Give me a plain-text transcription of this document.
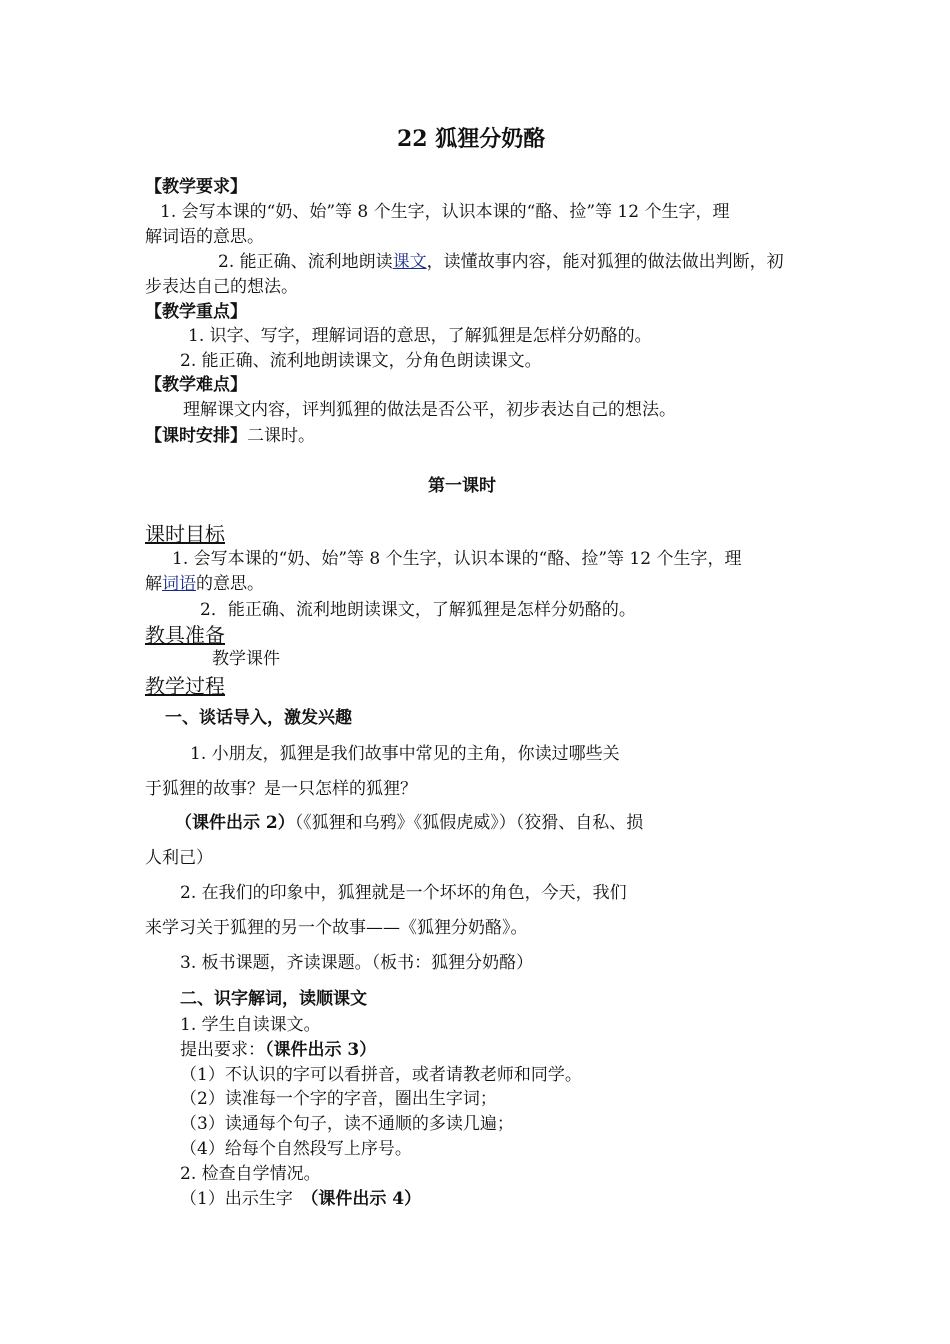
22 狐狸分奶酪
【教学要求】
1. 会写本课的“奶、始”等 8 个生字，认识本课的“酪、捡”等 12 个生字，理
解词语的意思。
2. 能正确、流利地朗读课文，读懂故事内容，能对狐狸的做法做出判断，初
步表达自己的想法。
【教学重点】
1. 识字、写字，理解词语的意思，了解狐狸是怎样分奶酪的。
2. 能正确、流利地朗读课文，分角色朗读课文。
【教学难点】
理解课文内容，评判狐狸的做法是否公平，初步表达自己的想法。
【课时安排】二课时。
第一课时
课时目标
1. 会写本课的“奶、始”等 8 个生字，认识本课的“酪、捡”等 12 个生字，理
解词语的意思。
2．能正确、流利地朗读课文，了解狐狸是怎样分奶酪的。
教具准备
教学课件
教学过程
一、谈话导入，激发兴趣
1. 小朋友，狐狸是我们故事中常见的主角，你读过哪些关
于狐狸的故事？是一只怎样的狐狸？
（课件出示 2）（《狐狸和乌鸦》《狐假虎威》）（狡猾、自私、损
人利己）
2. 在我们的印象中，狐狸就是一个坏坏的角色，今天，我们
来学习关于狐狸的另一个故事——《狐狸分奶酪》。
3. 板书课题，齐读课题。（板书：狐狸分奶酪）
二、识字解词，读顺课文
1. 学生自读课文。
提出要求：（课件出示 3）
（1）不认识的字可以看拼音，或者请教老师和同学。
（2）读准每一个字的字音，圈出生字词；
（3）读通每个句子，读不通顺的多读几遍；
（4）给每个自然段写上序号。
2. 检查自学情况。
（1）出示生字　（课件出示 4）
